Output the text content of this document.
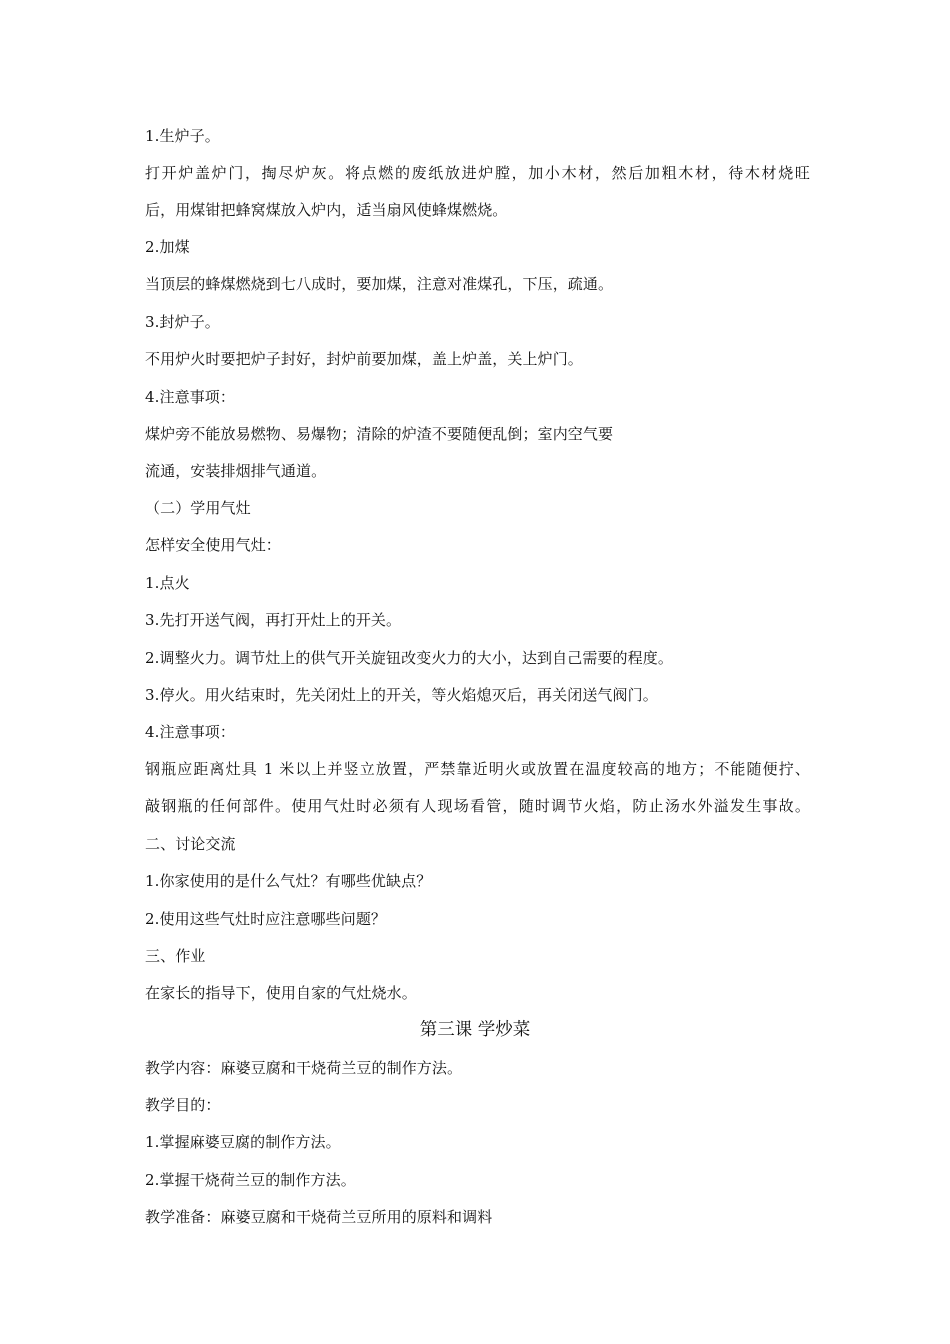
1.生炉子。
打开炉盖炉门，掏尽炉灰。将点燃的废纸放进炉膛，加小木材，然后加粗木材，待木材烧旺
后，用煤钳把蜂窝煤放入炉内，适当扇风使蜂煤燃烧。
2.加煤
当顶层的蜂煤燃烧到七八成时，要加煤，注意对准煤孔，下压，疏通。
3.封炉子。
不用炉火时要把炉子封好，封炉前要加煤，盖上炉盖，关上炉门。
4.注意事项：
煤炉旁不能放易燃物、易爆物；清除的炉渣不要随便乱倒；室内空气要
流通，安装排烟排气通道。
（二）学用气灶
怎样安全使用气灶：
1.点火
3.先打开送气阀，再打开灶上的开关。
2.调整火力。调节灶上的供气开关旋钮改变火力的大小，达到自己需要的程度。
3.停火。用火结束时，先关闭灶上的开关，等火焰熄灭后，再关闭送气阀门。
4.注意事项：
钢瓶应距离灶具 1 米以上并竖立放置，严禁靠近明火或放置在温度较高的地方；不能随便拧、
敲钢瓶的任何部件。使用气灶时必须有人现场看管，随时调节火焰，防止汤水外溢发生事故。
二、讨论交流
1.你家使用的是什么气灶？有哪些优缺点？
2.使用这些气灶时应注意哪些问题？
三、作业
在家长的指导下，使用自家的气灶烧水。
第三课 学炒菜
教学内容：麻婆豆腐和干烧荷兰豆的制作方法。
教学目的：
1.掌握麻婆豆腐的制作方法。
2.掌握干烧荷兰豆的制作方法。
教学准备：麻婆豆腐和干烧荷兰豆所用的原料和调料
